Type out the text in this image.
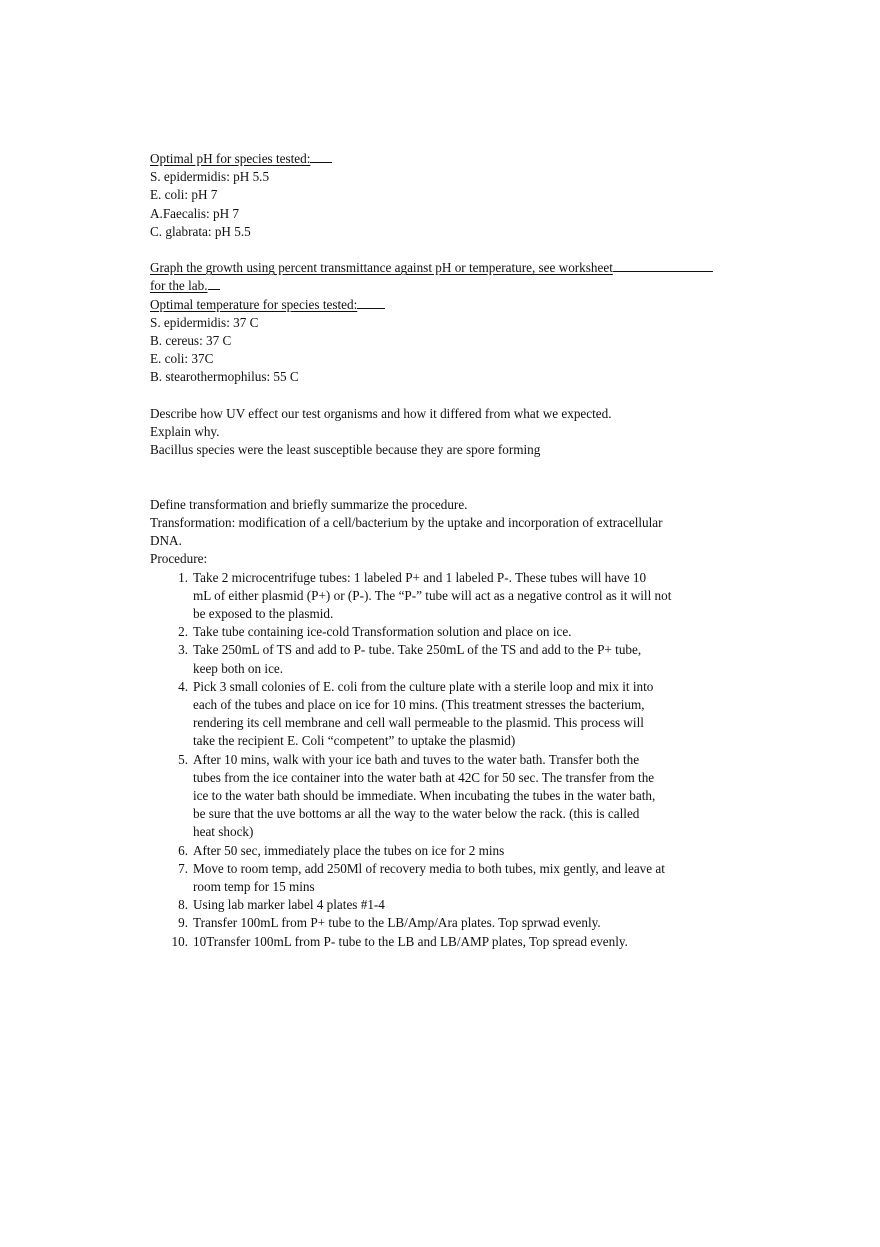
Optimal pH for species tested:
S. epidermidis: pH 5.5
E. coli: pH 7
A.Faecalis: pH 7
C. glabrata: pH 5.5
Graph the growth using percent transmittance against pH or temperature, see worksheet
for the lab.
Optimal temperature for species tested:
S. epidermidis: 37 C
B. cereus: 37 C
E. coli: 37C
B. stearothermophilus: 55 C
Describe how UV effect our test organisms and how it differed from what we expected.
Explain why.
Bacillus species were the least susceptible because they are spore forming
Define transformation and briefly summarize the procedure.
Transformation: modification of a cell/bacterium by the uptake and incorporation of extracellular
DNA.
Procedure:
1. Take 2 microcentrifuge tubes: 1 labeled P+ and 1 labeled P-. These tubes will have 10
mL of either plasmid (P+) or (P-). The “P-” tube will act as a negative control as it will not
be exposed to the plasmid.
2. Take tube containing ice-cold Transformation solution and place on ice.
3. Take 250mL of TS and add to P- tube. Take 250mL of the TS and add to the P+ tube,
keep both on ice.
4. Pick 3 small colonies of E. coli from the culture plate with a sterile loop and mix it into
each of the tubes and place on ice for 10 mins. (This treatment stresses the bacterium,
rendering its cell membrane and cell wall permeable to the plasmid. This process will
take the recipient E. Coli “competent” to uptake the plasmid)
5. After 10 mins, walk with your ice bath and tuves to the water bath. Transfer both the
tubes from the ice container into the water bath at 42C for 50 sec. The transfer from the
ice to the water bath should be immediate. When incubating the tubes in the water bath,
be sure that the uve bottoms ar all the way to the water below the rack. (this is called
heat shock)
6. After 50 sec, immediately place the tubes on ice for 2 mins
7. Move to room temp, add 250Ml of recovery media to both tubes, mix gently, and leave at
room temp for 15 mins
8. Using lab marker label 4 plates #1-4
9. Transfer 100mL from P+ tube to the LB/Amp/Ara plates. Top sprwad evenly.
10. 10Transfer 100mL from P- tube to the LB and LB/AMP plates, Top spread evenly.
